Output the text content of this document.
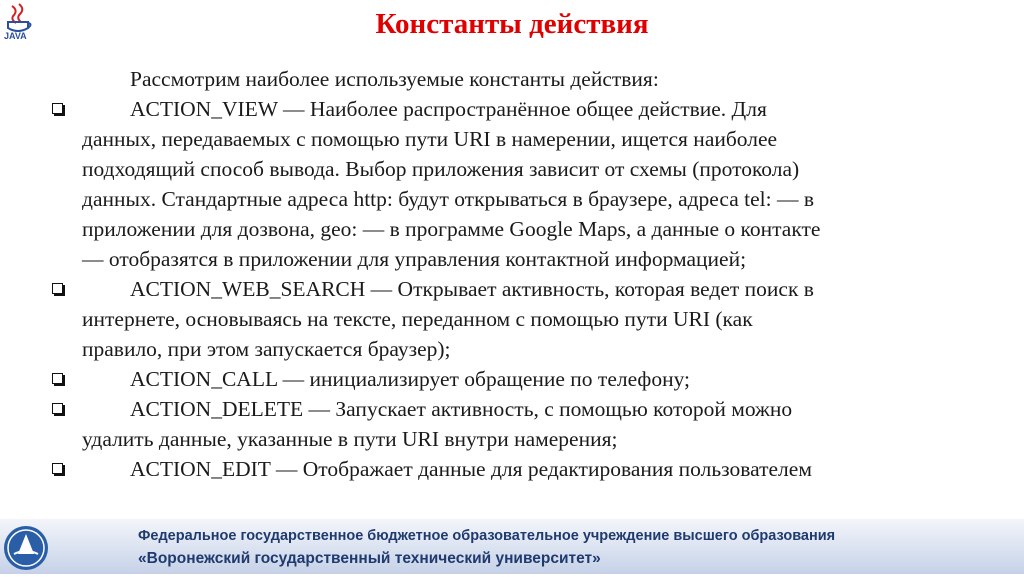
JAVA	Константы действия
Рассмотрим наиболее используемые константы действия:
ACTION_VIEW — Наиболее распространённое общее действие. Для
данных, передаваемых с помощью пути URI в намерении, ищется наиболее
подходящий способ вывода. Выбор приложения зависит от схемы (протокола)
данных. Стандартные адреса http: будут открываться в браузере, адреса tel: — в
приложении для дозвона, geo: — в программе Google Maps, а данные о контакте
— отобразятся в приложении для управления контактной информацией;
ACTION_WEB_SEARCH — Открывает активность, которая ведет поиск в
интернете, основываясь на тексте, переданном с помощью пути URI (как
правило, при этом запускается браузер);
ACTION_CALL — инициализирует обращение по телефону;
ACTION_DELETE — Запускает активность, с помощью которой можно
удалить данные, указанные в пути URI внутри намерения;
ACTION_EDIT — Отображает данные для редактирования пользователем
Федеральное государственное бюджетное образовательное учреждение высшего образования
«Воронежский государственный технический университет»
